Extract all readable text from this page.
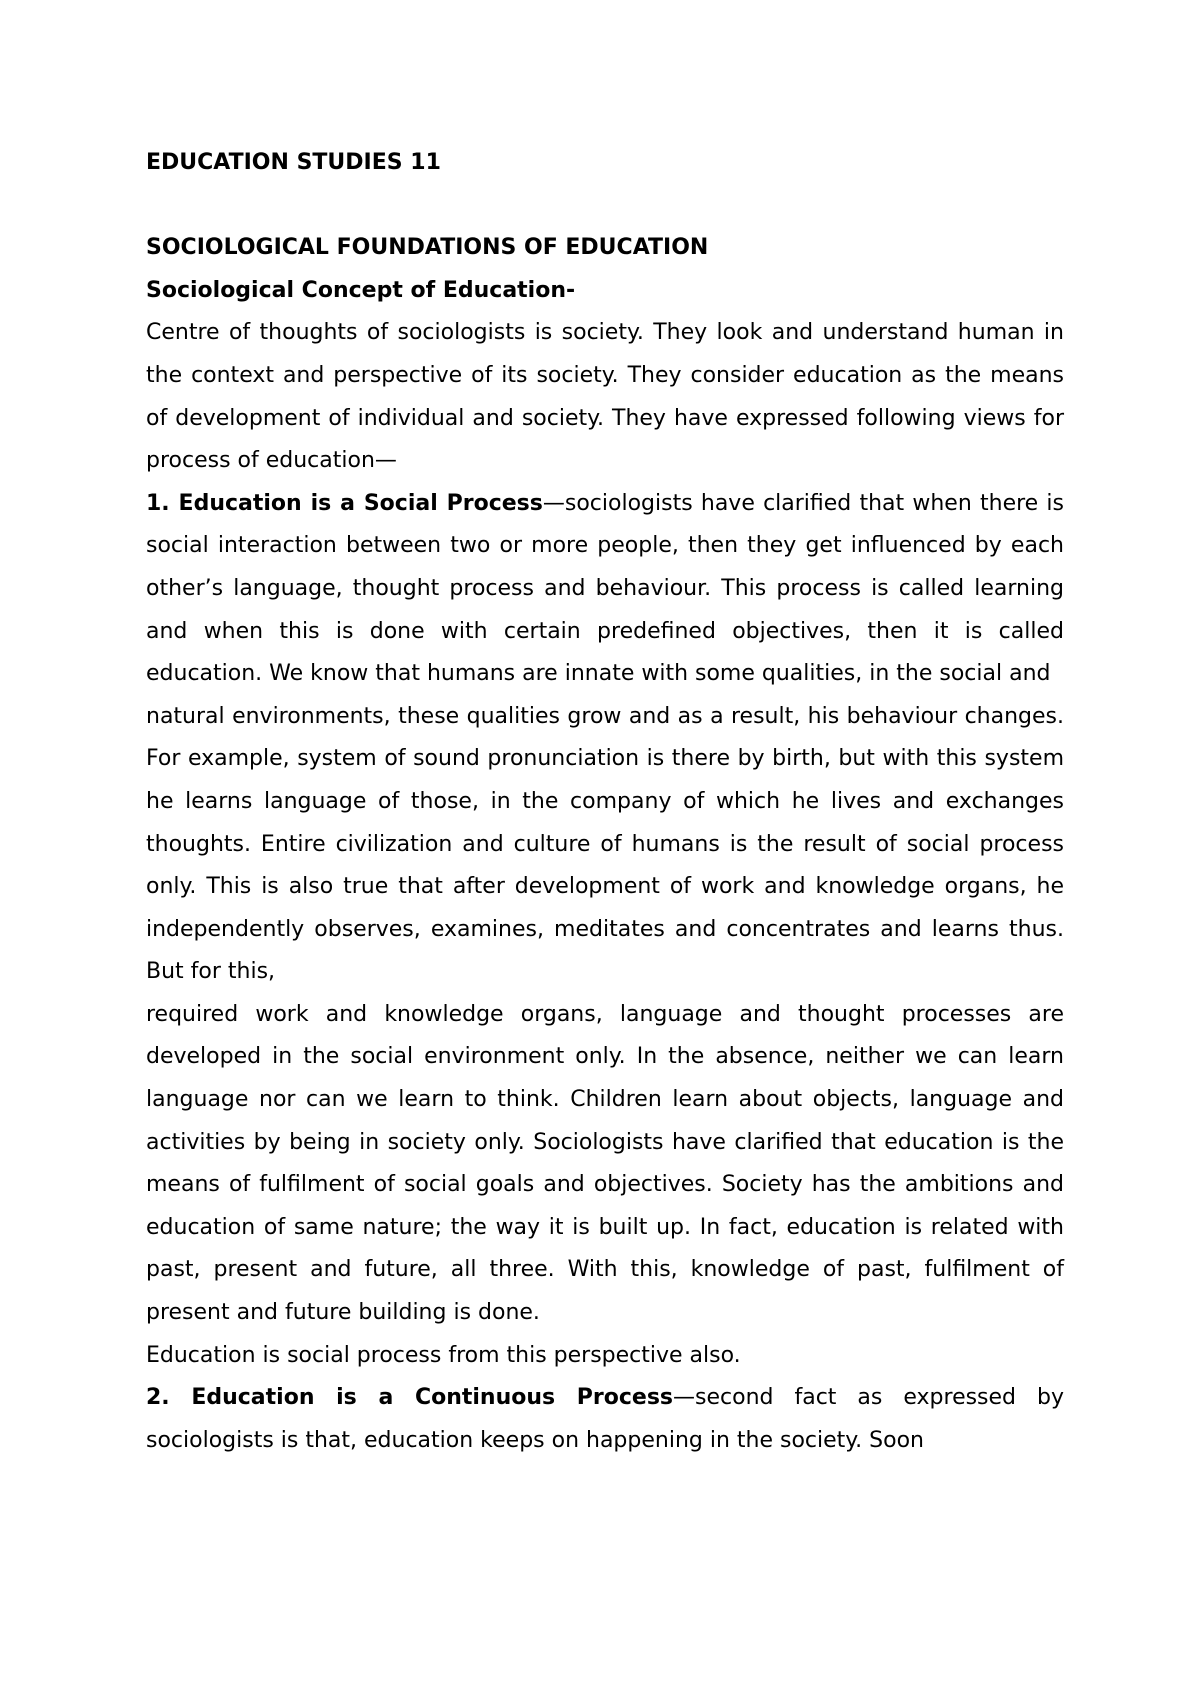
EDUCATION STUDIES 11
SOCIOLOGICAL FOUNDATIONS OF EDUCATION
Sociological Concept of Education-

Centre of thoughts of sociologists is society. They look and understand human in the context and perspective of its society. They consider education as the means of development of individual and society. They have expressed following views for process of education—

1. Education is a Social Process—sociologists have clarified that when there is social interaction between two or more people, then they get influenced by each other’s language, thought process and behaviour. This process is called learning and when this is done with certain predefined objectives, then it is called education. We know that humans are innate with some qualities, in the social and

natural environments, these qualities grow and as a result, his behaviour changes. For example, system of sound pronunciation is there by birth, but with this system he learns language of those, in the company of which he lives and exchanges thoughts. Entire civilization and culture of humans is the result of social process only. This is also true that after development of work and knowledge organs, he independently observes, examines, meditates and concentrates and learns thus. But for this,

required work and knowledge organs, language and thought processes are developed in the social environment only. In the absence, neither we can learn language nor can we learn to think. Children learn about objects, language and activities by being in society only. Sociologists have clarified that education is the means of fulfilment of social goals and objectives. Society has the ambitions and education of same nature; the way it is built up. In fact, education is related with past, present and future, all three. With this, knowledge of past, fulfilment of present and future building is done.

Education is social process from this perspective also.

2. Education is a Continuous Process—second fact as expressed by sociologists is that, education keeps on happening in the society. Soon
